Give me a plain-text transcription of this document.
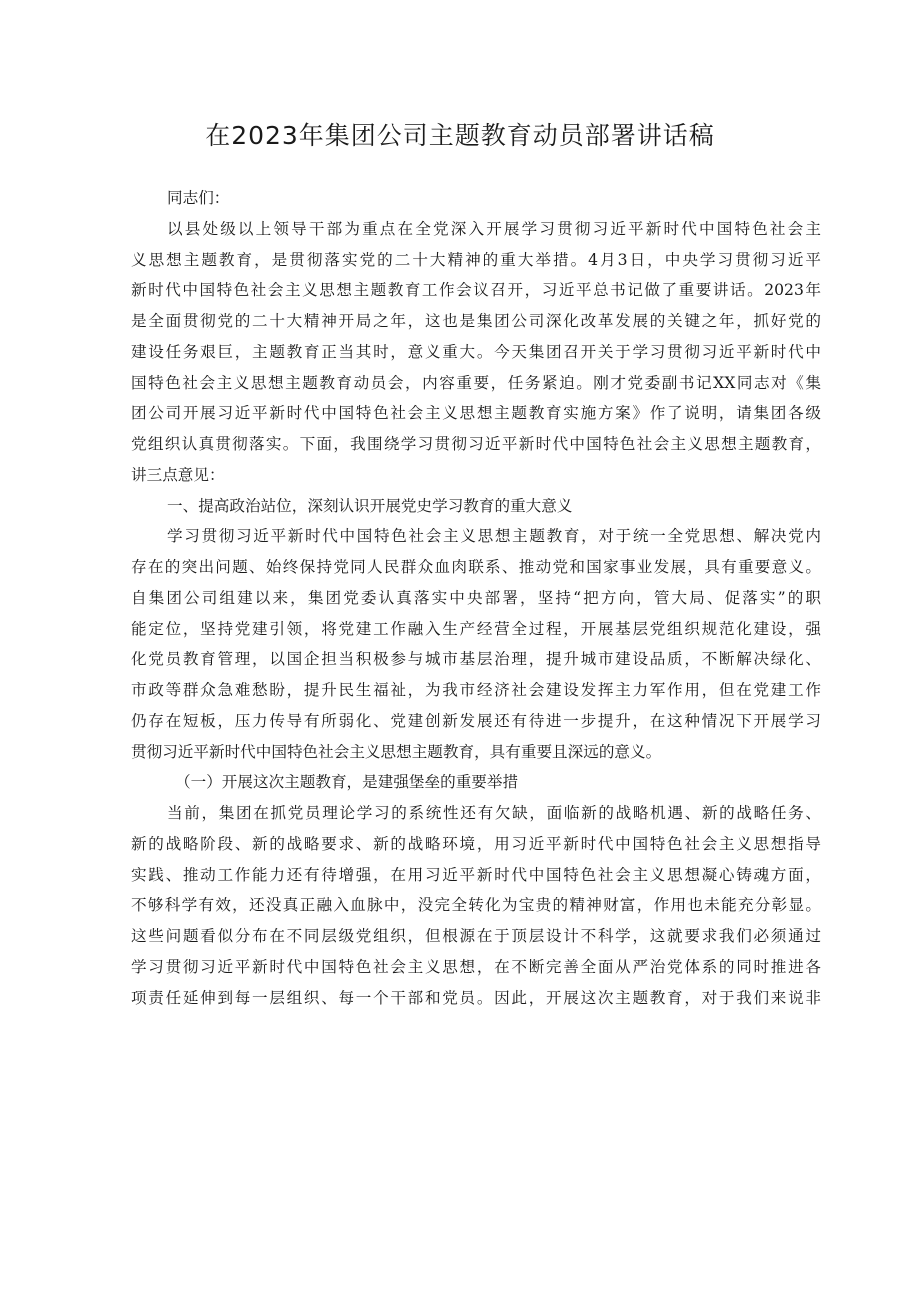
在2023年集团公司主题教育动员部署讲话稿
同志们：
以县处级以上领导干部为重点在全党深入开展学习贯彻习近平新时代中国特色社会主
义思想主题教育，是贯彻落实党的二十大精神的重大举措。4月3日，中央学习贯彻习近平
新时代中国特色社会主义思想主题教育工作会议召开，习近平总书记做了重要讲话。2023年
是全面贯彻党的二十大精神开局之年，这也是集团公司深化改革发展的关键之年，抓好党的
建设任务艰巨，主题教育正当其时，意义重大。今天集团召开关于学习贯彻习近平新时代中
国特色社会主义思想主题教育动员会，内容重要，任务紧迫。刚才党委副书记XX同志对《集
团公司开展习近平新时代中国特色社会主义思想主题教育实施方案》作了说明，请集团各级
党组织认真贯彻落实。下面，我围绕学习贯彻习近平新时代中国特色社会主义思想主题教育，
讲三点意见：
一、提高政治站位，深刻认识开展党史学习教育的重大意义
学习贯彻习近平新时代中国特色社会主义思想主题教育，对于统一全党思想、解决党内
存在的突出问题、始终保持党同人民群众血肉联系、推动党和国家事业发展，具有重要意义。
自集团公司组建以来，集团党委认真落实中央部署，坚持“把方向，管大局、促落实”的职
能定位，坚持党建引领，将党建工作融入生产经营全过程，开展基层党组织规范化建设，强
化党员教育管理，以国企担当积极参与城市基层治理，提升城市建设品质，不断解决绿化、
市政等群众急难愁盼，提升民生福祉，为我市经济社会建设发挥主力军作用，但在党建工作
仍存在短板，压力传导有所弱化、党建创新发展还有待进一步提升，在这种情况下开展学习
贯彻习近平新时代中国特色社会主义思想主题教育，具有重要且深远的意义。
（一）开展这次主题教育，是建强堡垒的重要举措
当前，集团在抓党员理论学习的系统性还有欠缺，面临新的战略机遇、新的战略任务、
新的战略阶段、新的战略要求、新的战略环境，用习近平新时代中国特色社会主义思想指导
实践、推动工作能力还有待增强，在用习近平新时代中国特色社会主义思想凝心铸魂方面，
不够科学有效，还没真正融入血脉中，没完全转化为宝贵的精神财富，作用也未能充分彰显。
这些问题看似分布在不同层级党组织，但根源在于顶层设计不科学，这就要求我们必须通过
学习贯彻习近平新时代中国特色社会主义思想，在不断完善全面从严治党体系的同时推进各
项责任延伸到每一层组织、每一个干部和党员。因此，开展这次主题教育，对于我们来说非
